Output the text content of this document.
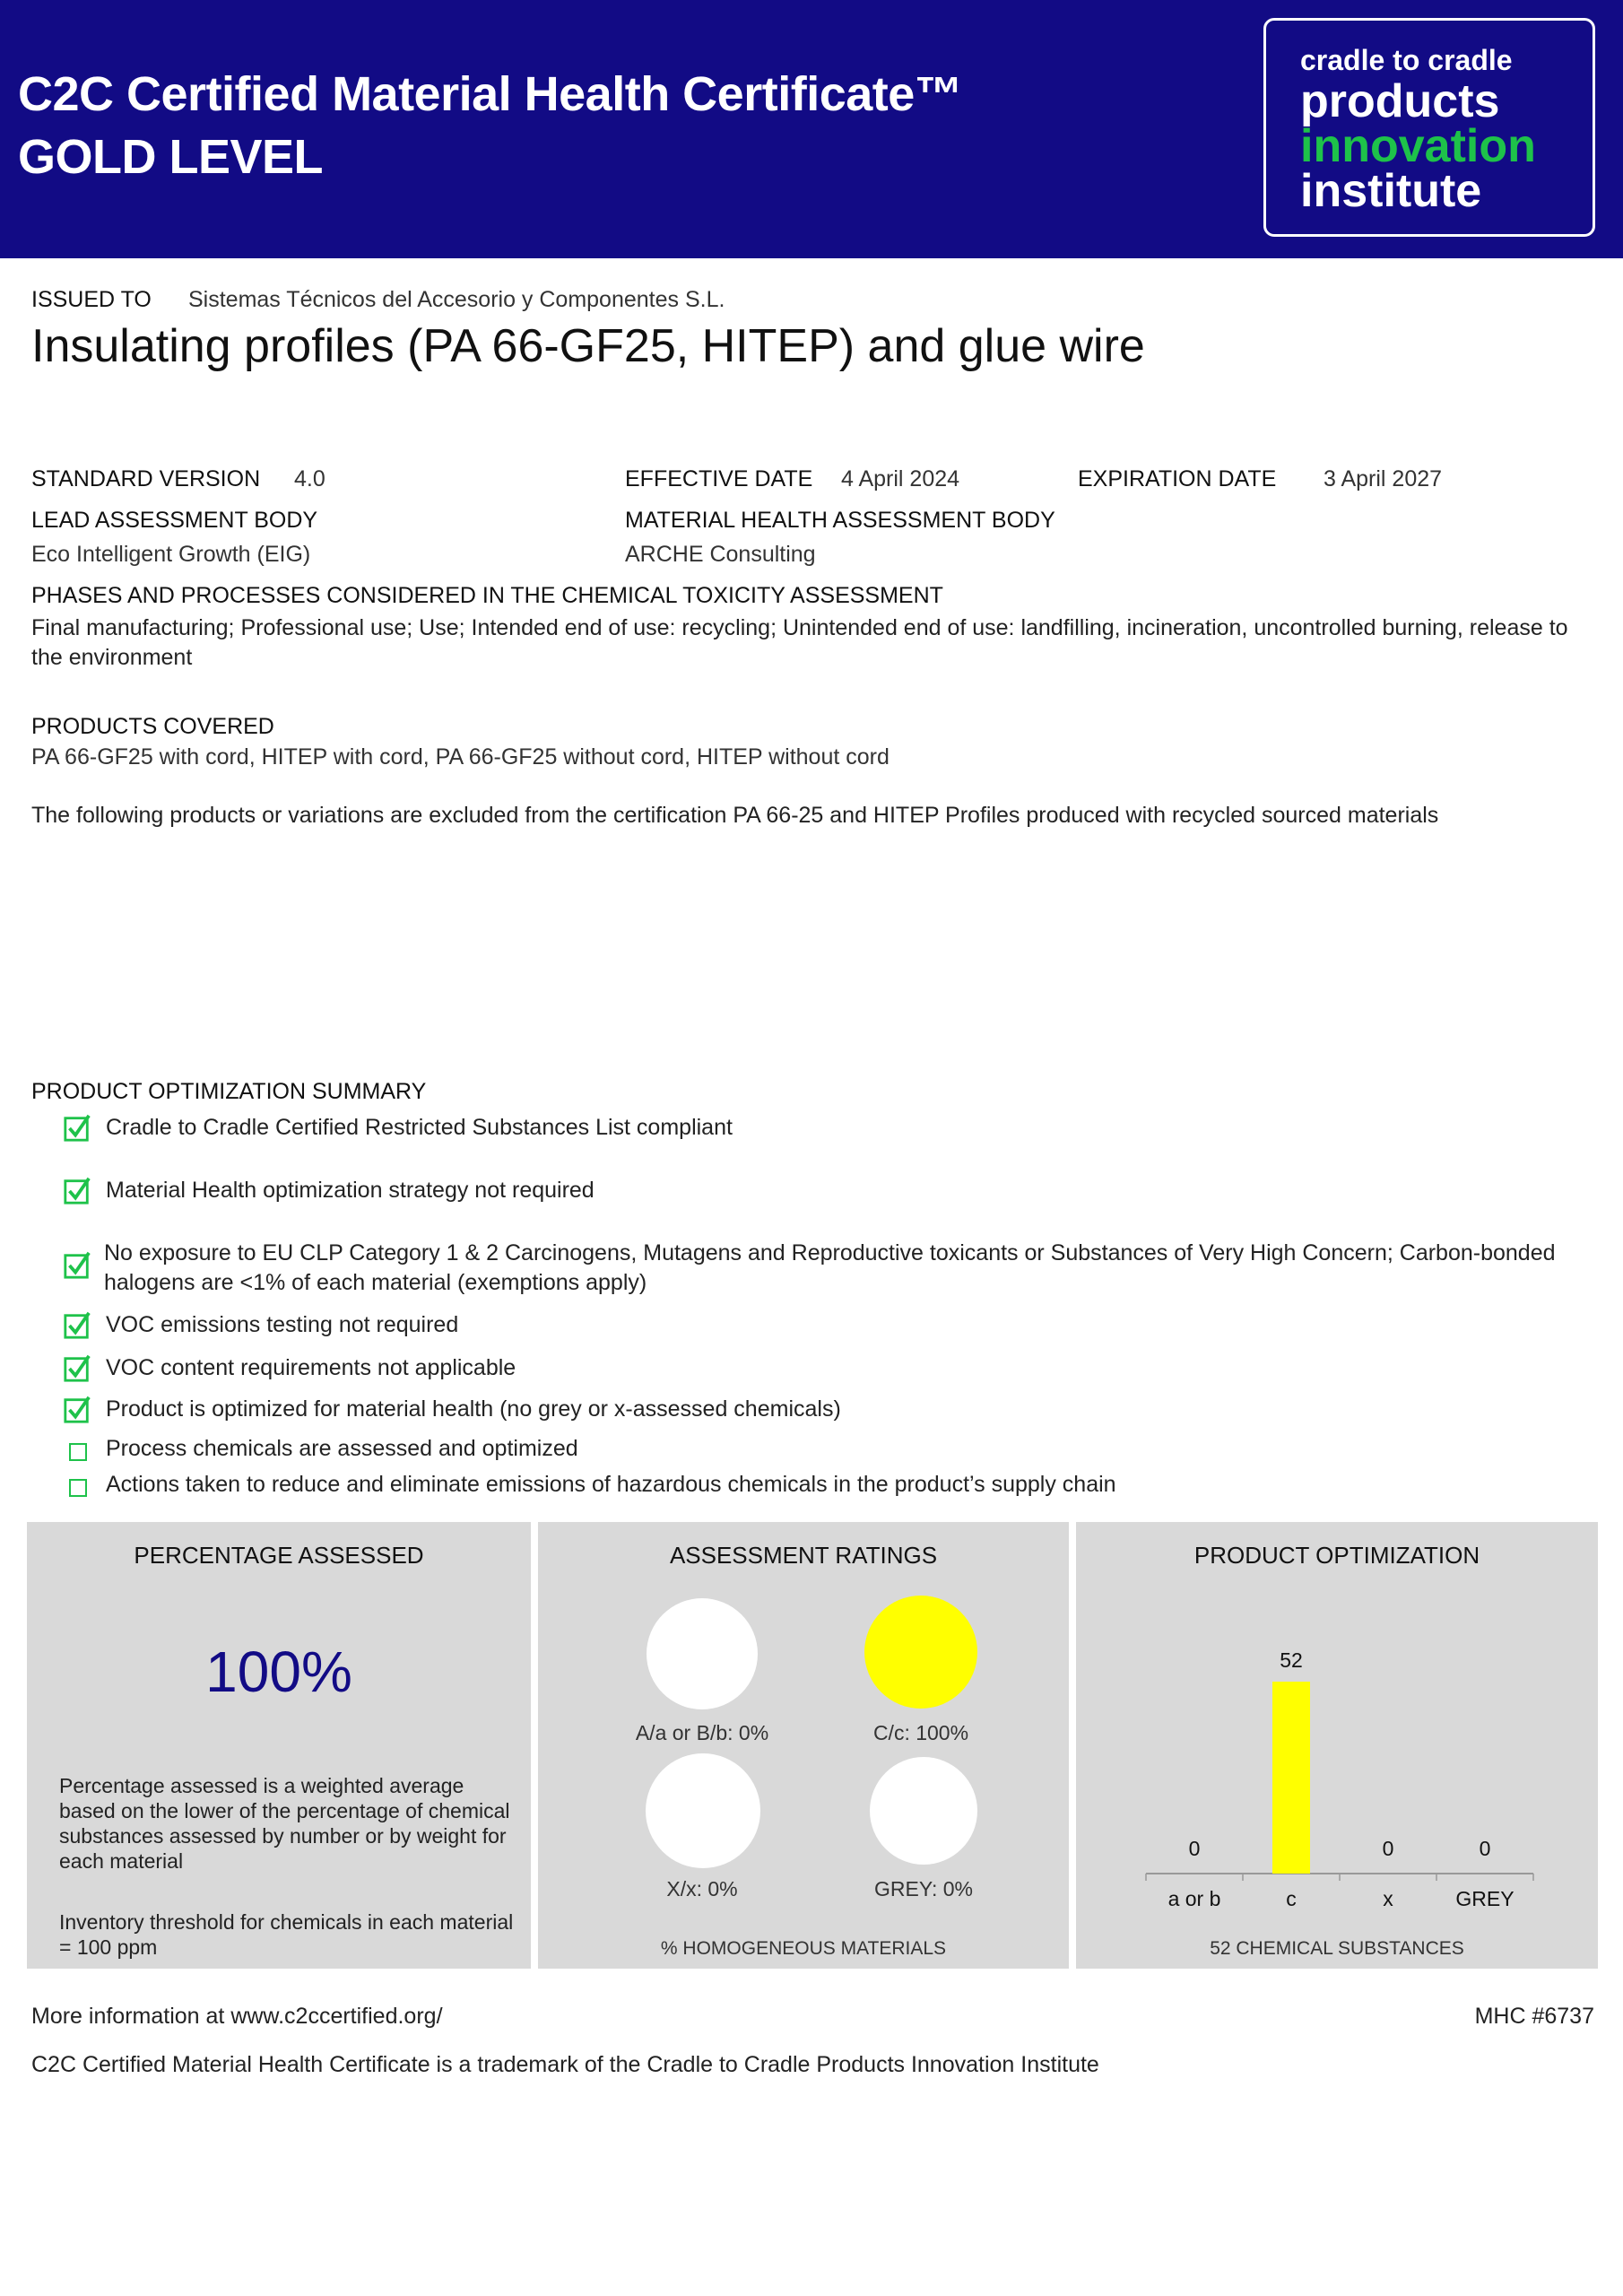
C2C Certified Material Health Certificate™
GOLD LEVEL
cradle to cradle
products
innovation
institute
ISSUED TO Sistemas Técnicos del Accesorio y Componentes S.L.
Insulating profiles (PA 66-GF25, HITEP) and glue wire
STANDARD VERSION 4.0	EFFECTIVE DATE 4 April 2024	EXPIRATION DATE 3 April 2027
LEAD ASSESSMENT BODY
Eco Intelligent Growth (EIG)
MATERIAL HEALTH ASSESSMENT BODY
ARCHE Consulting
PHASES AND PROCESSES CONSIDERED IN THE CHEMICAL TOXICITY ASSESSMENT
Final manufacturing; Professional use; Use; Intended end of use: recycling; Unintended end of use: landfilling, incineration, uncontrolled burning, release to the environment
PRODUCTS COVERED
PA 66-GF25 with cord, HITEP with cord, PA 66-GF25 without cord, HITEP without cord
The following products or variations are excluded from the certification PA 66-25 and HITEP Profiles produced with recycled sourced materials
PRODUCT OPTIMIZATION SUMMARY
Cradle to Cradle Certified Restricted Substances List compliant
Material Health optimization strategy not required
No exposure to EU CLP Category 1 & 2 Carcinogens, Mutagens and Reproductive toxicants or Substances of Very High Concern; Carbon-bonded halogens are <1% of each material (exemptions apply)
VOC emissions testing not required
VOC content requirements not applicable
Product is optimized for material health (no grey or x-assessed chemicals)
Process chemicals are assessed and optimized
Actions taken to reduce and eliminate emissions of hazardous chemicals in the product’s supply chain
PERCENTAGE ASSESSED
100%
Percentage assessed is a weighted average based on the lower of the percentage of chemical substances assessed by number or by weight for each material
Inventory threshold for chemicals in each material = 100 ppm
ASSESSMENT RATINGS
A/a or B/b: 0%	C/c: 100%
X/x: 0%	GREY: 0%
% HOMOGENEOUS MATERIALS
PRODUCT OPTIMIZATION
0
a or b
52
c
0
x
0
GREY
52 CHEMICAL SUBSTANCES
More information at www.c2ccertified.org/	MHC #6737
C2C Certified Material Health Certificate is a trademark of the Cradle to Cradle Products Innovation Institute
